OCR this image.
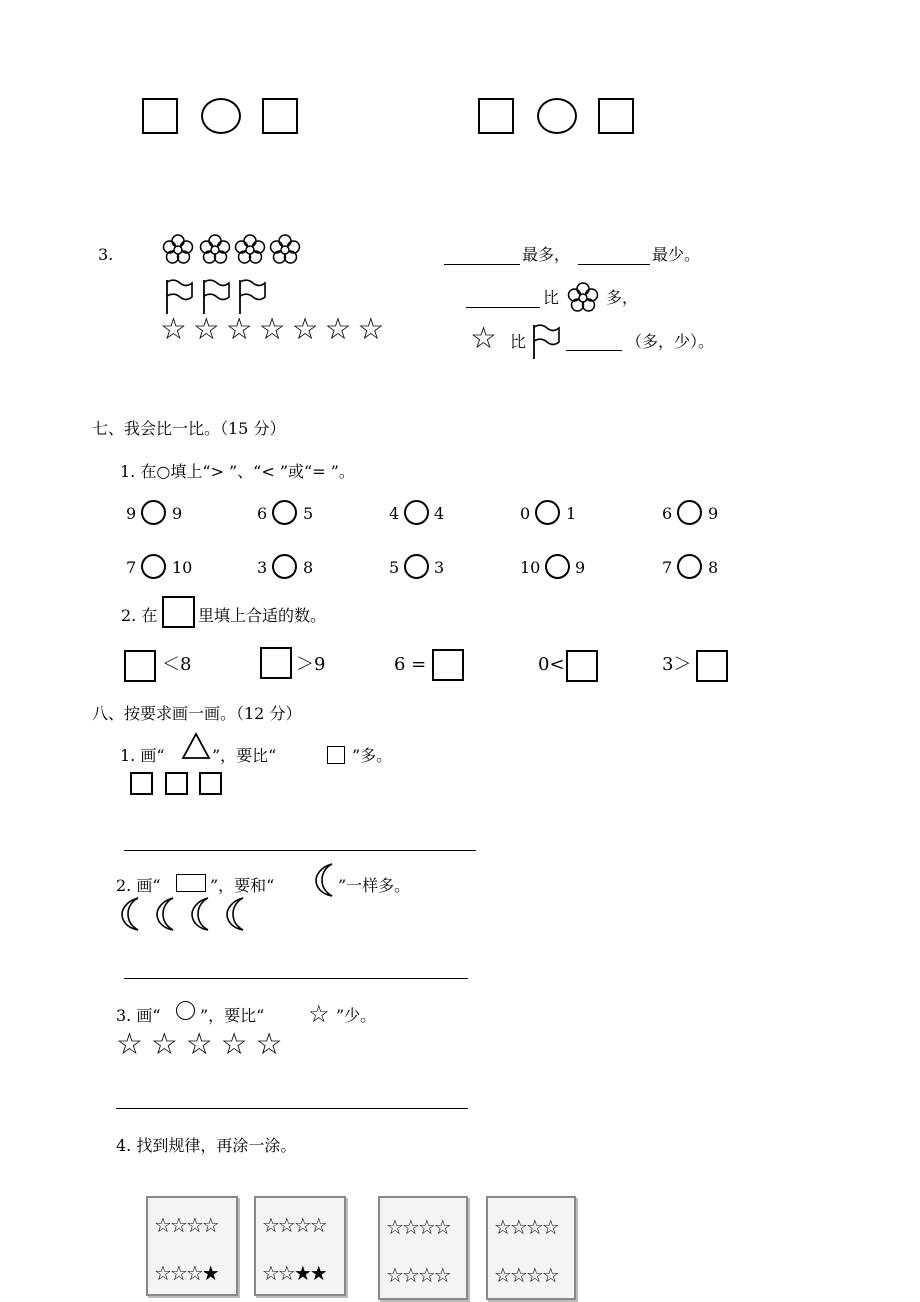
3.
☆☆☆☆☆☆☆
最多，	最少。
比	多，
☆ 比	（多，少）。
七、我会比一比。（15 分）
1. 在○填上“> ”、“< ”或“= ”。
9 9	6 5	4 4	0 1	6 9
7 10	3 8	5 3	10 9	7 8
2. 在	里填上合适的数。
＜8	＞9	6 =	0<	3＞
八、按要求画一画。（12 分）
1. 画“	”，要比“	”多。
2. 画“	”，要和“	”一样多。
3. 画“ ”，要比“ ☆ ”少。
☆☆☆☆☆
4. 找到规律，再涂一涂。
☆☆☆☆
☆☆☆★
☆☆☆☆
☆☆★★
☆☆☆☆
☆☆☆☆
☆☆☆☆
☆☆☆☆
